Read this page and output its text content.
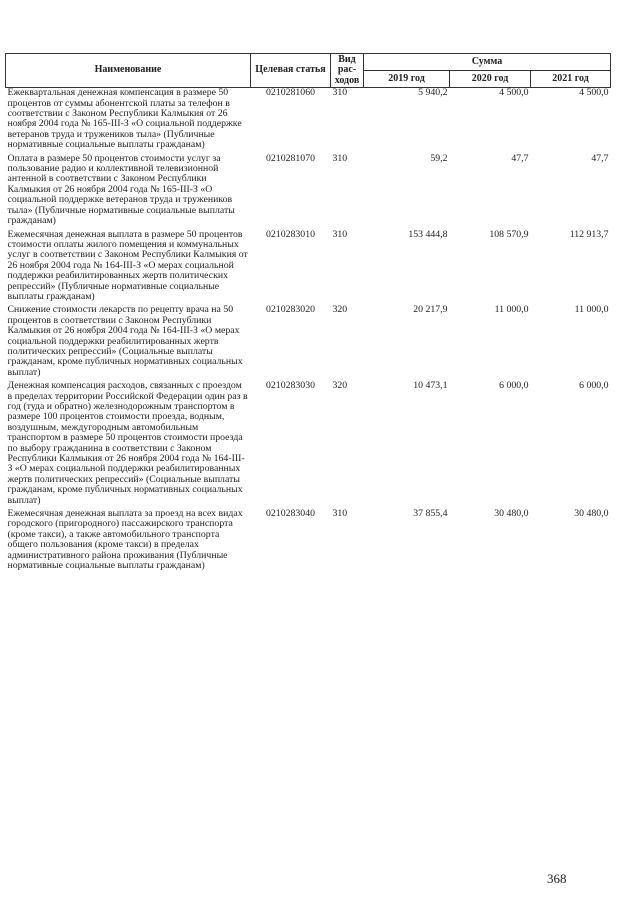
Наименование	Целевая статья	Вид рас-ходов	Сумма		
			2019 год	2020 год	2021 год
Ежеквартальная денежная компенсация в размере 50 процентов от суммы абонентской платы за телефон в соответствии с Законом Республики Калмыкия от 26 ноября 2004 года № 165-III-З «О социальной поддержке ветеранов труда и тружеников тыла» (Публичные нормативные социальные выплаты гражданам)	0210281060	310	5 940,2	4 500,0	4 500,0
Оплата в размере 50 процентов стоимости услуг за пользование радио и коллективной телевизионной антенной в соответствии с Законом Республики Калмыкия от 26 ноября 2004 года № 165-III-З «О социальной поддержке ветеранов труда и тружеников тыла» (Публичные нормативные социальные выплаты гражданам)	0210281070	310	59,2	47,7	47,7
Ежемесячная денежная выплата в размере 50 процентов стоимости оплаты жилого помещения и коммунальных услуг в соответствии с Законом Республики Калмыкия от 26 ноября 2004 года № 164-III-З «О мерах социальной поддержки реабилитированных жертв политических репрессий» (Публичные нормативные социальные выплаты гражданам)	0210283010	310	153 444,8	108 570,9	112 913,7
Снижение стоимости лекарств по рецепту врача на 50 процентов в соответствии с Законом Республики Калмыкия от 26 ноября 2004 года № 164-III-З «О мерах социальной поддержки реабилитированных жертв политических репрессий» (Социальные выплаты гражданам, кроме публичных нормативных социальных выплат)	0210283020	320	20 217,9	11 000,0	11 000,0
Денежная компенсация расходов, связанных с проездом в пределах территории Российской Федерации один раз в год (туда и обратно) железнодорожным транспортом в размере 100 процентов стоимости проезда, водным, воздушным, междугородным автомобильным транспортом в размере 50 процентов стоимости проезда по выбору гражданина в соответствии с Законом Республики Калмыкия от 26 ноября 2004 года № 164-III-З «О мерах социальной поддержки реабилитированных жертв политических репрессий» (Социальные выплаты гражданам, кроме публичных нормативных социальных выплат)	0210283030	320	10 473,1	6 000,0	6 000,0
Ежемесячная денежная выплата за проезд на всех видах городского (пригородного) пассажирского транспорта (кроме такси), а также автомобильного транспорта общего пользования (кроме такси) в пределах административного района проживания (Публичные нормативные социальные выплаты гражданам)	0210283040	310	37 855,4	30 480,0	30 480,0
368
